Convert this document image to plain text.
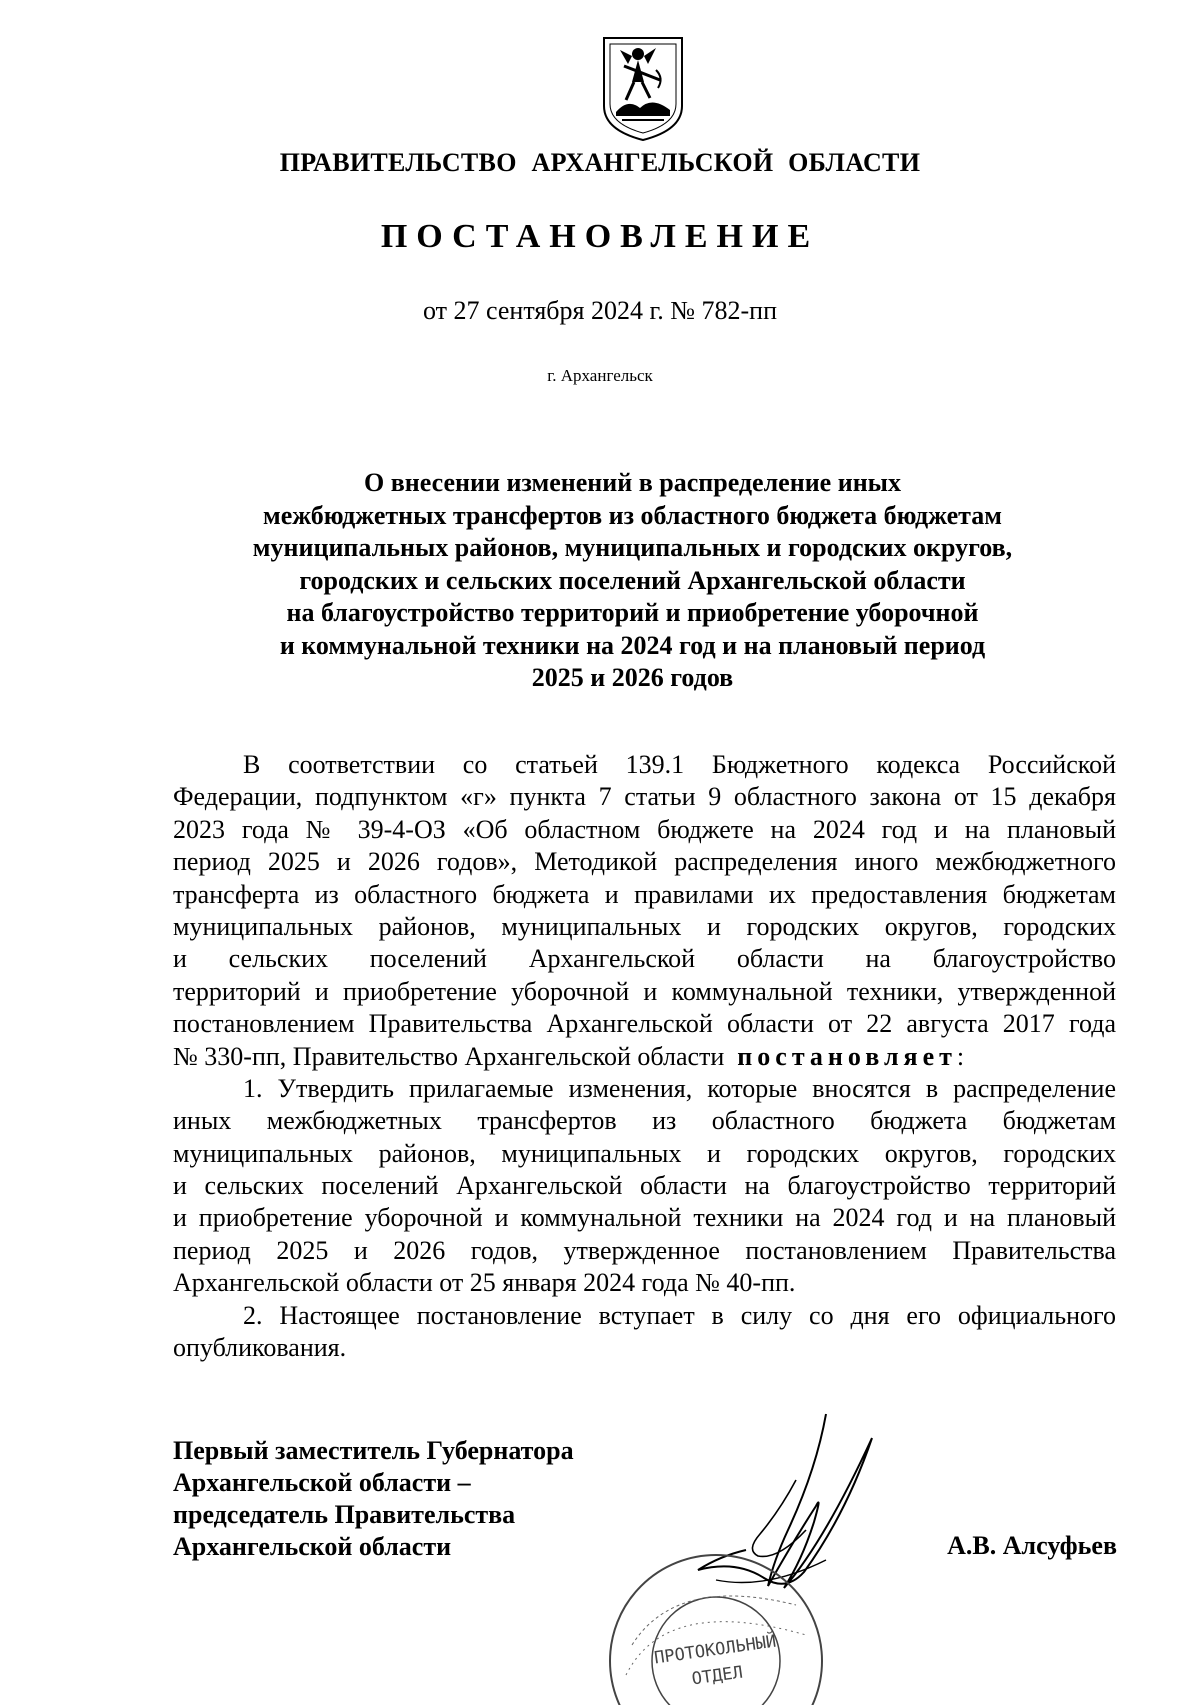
ПРАВИТЕЛЬСТВО АРХАНГЕЛЬСКОЙ ОБЛАСТИ

ПОСТАНОВЛЕНИЕ

от 27 сентября 2024 г. № 782-пп

г. Архангельск

О внесении изменений в распределение иных
межбюджетных трансфертов из областного бюджета бюджетам
муниципальных районов, муниципальных и городских округов,
городских и сельских поселений Архангельской области
на благоустройство территорий и приобретение уборочной
и коммунальной техники на 2024 год и на плановый период
2025 и 2026 годов

В соответствии со статьей 139.1 Бюджетного кодекса Российской
Федерации, подпунктом «г» пункта 7 статьи 9 областного закона от 15 декабря
2023 года № 39-4-ОЗ «Об областном бюджете на 2024 год и на плановый
период 2025 и 2026 годов», Методикой распределения иного межбюджетного
трансферта из областного бюджета и правилами их предоставления бюджетам
муниципальных районов, муниципальных и городских округов, городских
и сельских поселений Архангельской области на благоустройство
территорий и приобретение уборочной и коммунальной техники, утвержденной
постановлением Правительства Архангельской области от 22 августа 2017 года
№ 330-пп, Правительство Архангельской области постановляет:
1. Утвердить прилагаемые изменения, которые вносятся в распределение
иных межбюджетных трансфертов из областного бюджета бюджетам
муниципальных районов, муниципальных и городских округов, городских
и сельских поселений Архангельской области на благоустройство территорий
и приобретение уборочной и коммунальной техники на 2024 год и на плановый
период 2025 и 2026 годов, утвержденное постановлением Правительства
Архангельской области от 25 января 2024 года № 40-пп.
2. Настоящее постановление вступает в силу со дня его официального
опубликования.

Первый заместитель Губернатора
Архангельской области –
председатель Правительства
Архангельской области

ПРОТОКОЛЬНЫЙ
ОТДЕЛ

А.В. Алсуфьев
